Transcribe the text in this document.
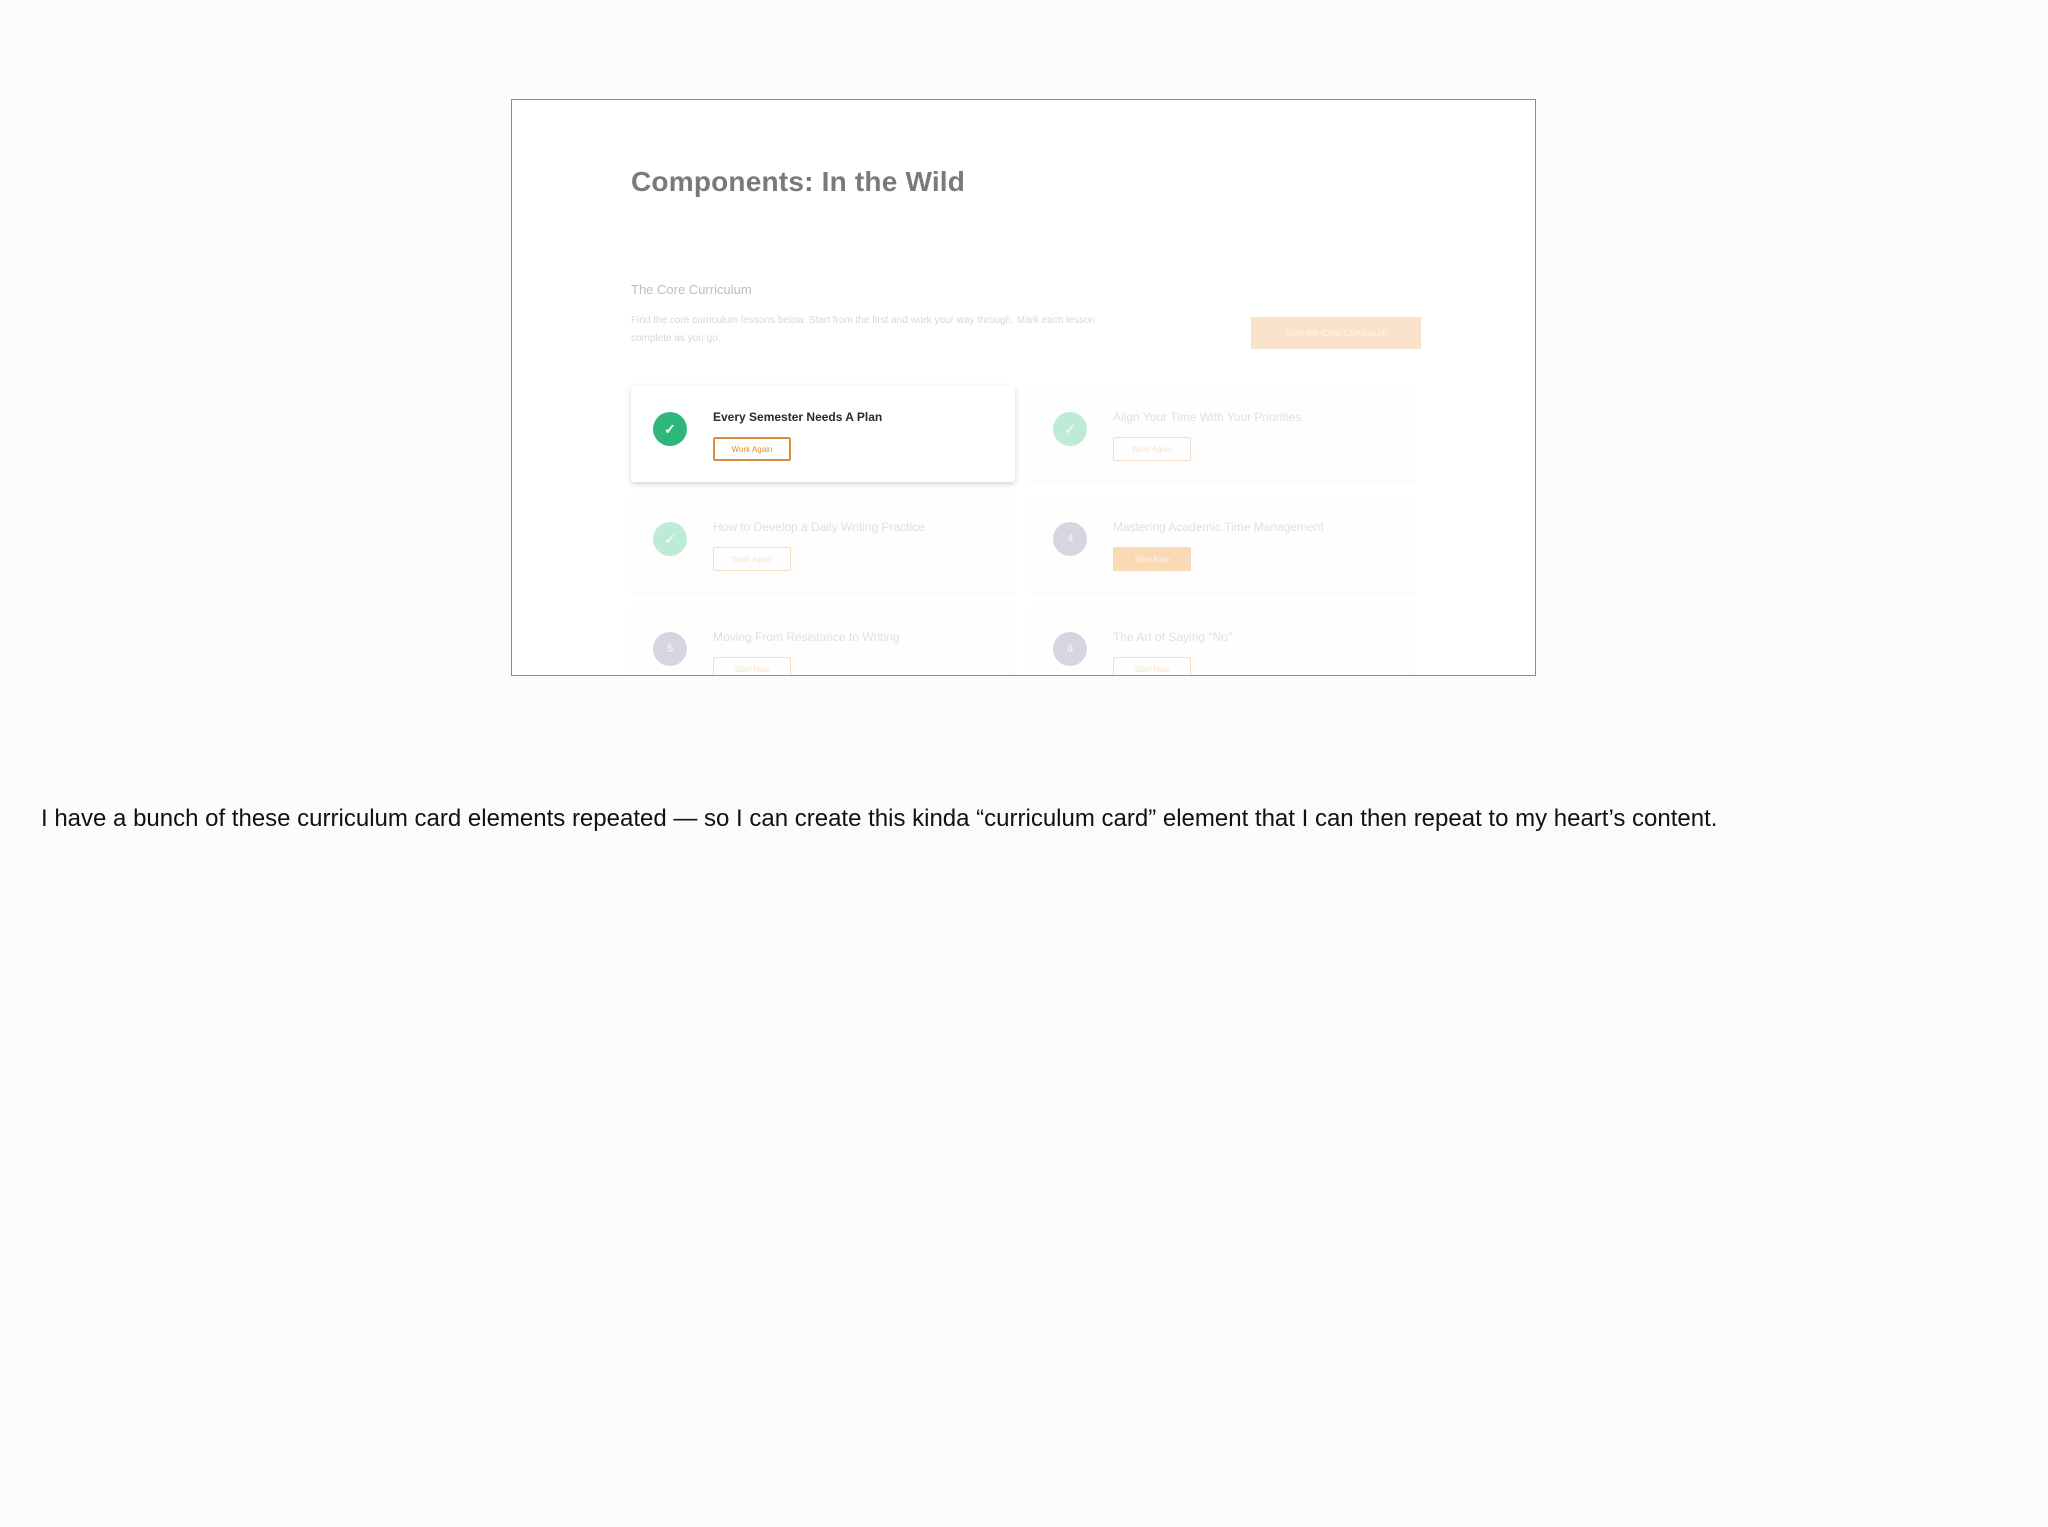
Components: In the Wild
The Core Curriculum
Find the core curriculum lessons below. Start from the first and work your way through. Mark each lesson complete as you go.	Start the Core Curriculum
✓
Every Semester Needs A Plan
Work Again
✓
Align Your Time With Your Priorities
Work Again
✓
How to Develop a Daily Writing Practice
Work Again
4
Mastering Academic Time Management
Start Now
5
Moving From Resistance to Writing
Start Now
6
The Art of Saying "No"
Start Now

I have a bunch of these curriculum card elements repeated — so I can create this kinda “curriculum card” element that I can then repeat to my heart’s content.
